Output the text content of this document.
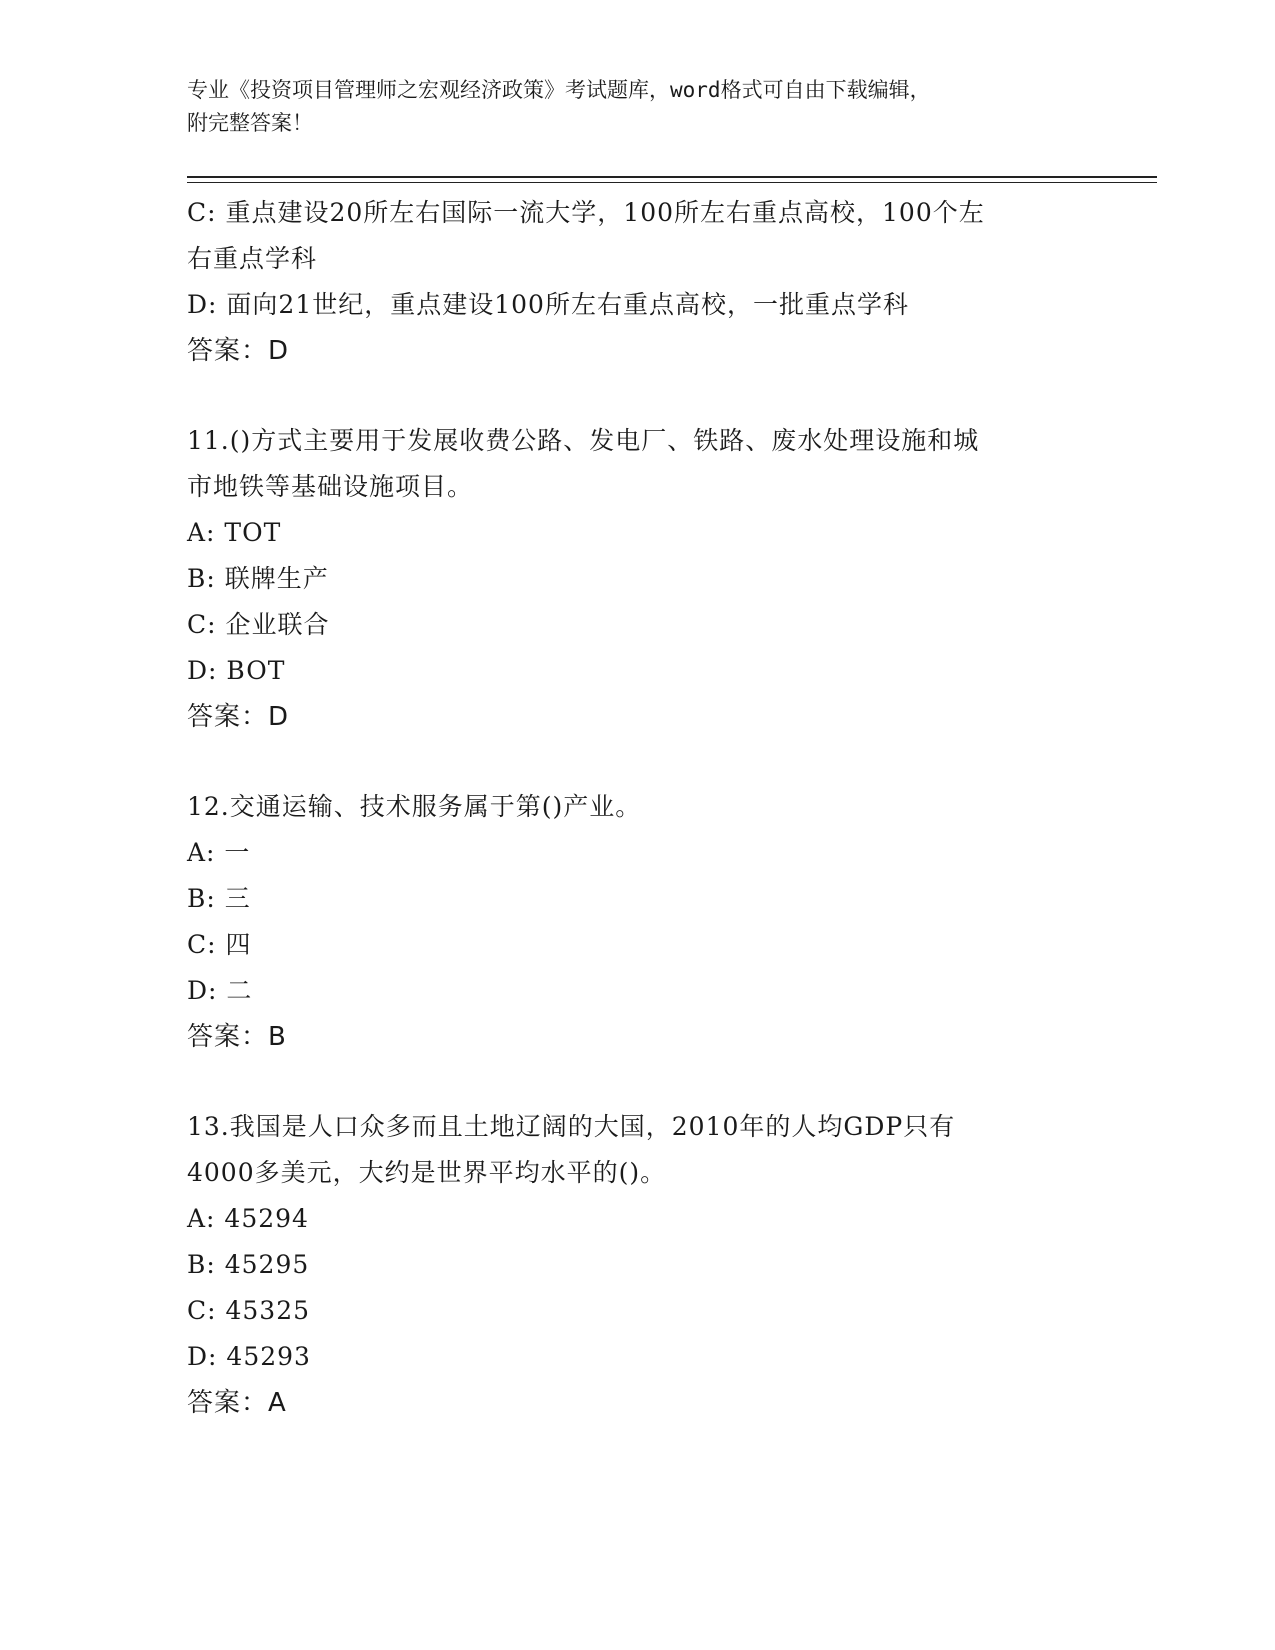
专业《投资项目管理师之宏观经济政策》考试题库，word格式可自由下载编辑，
附完整答案！

C: 重点建设20所左右国际一流大学，100所左右重点高校，100个左

右重点学科

D: 面向21世纪，重点建设100所左右重点高校，一批重点学科

答案：D

11.()方式主要用于发展收费公路、发电厂、铁路、废水处理设施和城

市地铁等基础设施项目。

A: TOT

B: 联牌生产

C: 企业联合

D: BOT

答案：D

12.交通运输、技术服务属于第()产业。

A: 一

B: 三

C: 四

D: 二

答案：B

13.我国是人口众多而且土地辽阔的大国，2010年的人均GDP只有

4000多美元，大约是世界平均水平的()。

A: 45294

B: 45295

C: 45325

D: 45293

答案：A
